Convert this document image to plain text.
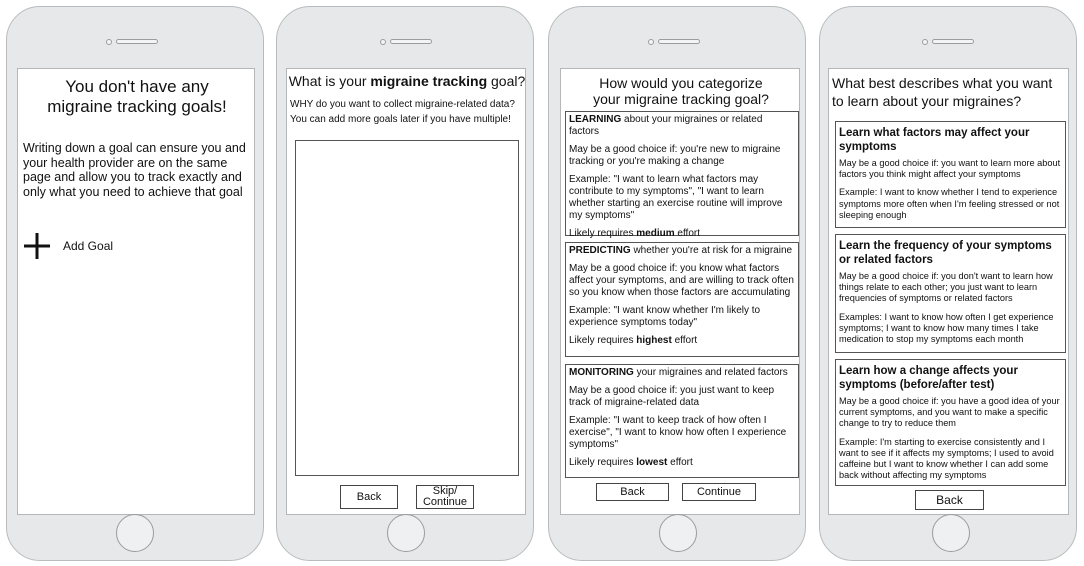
You don't have any
migraine tracking goals!
Writing down a goal can ensure you and your health provider are on the same page and allow you to track exactly and only what you need to achieve that goal
Add Goal
What is your migraine tracking goal?
WHY do you want to collect migraine-related data?
You can add more goals later if you have multiple!
Back	Skip/
Continue
How would you categorize
your migraine tracking goal?

LEARNING about your migraines or related factors

May be a good choice if: you're new to migraine tracking or you're making a change

Example: "I want to learn what factors may contribute to my symptoms", "I want to learn whether starting an exercise routine will improve my symptoms"

Likely requires medium effort

PREDICTING whether you're at risk for a migraine

May be a good choice if: you know what factors affect your symptoms, and are willing to track often so you know when those factors are accumulating

Example: "I want know whether I'm likely to experience symptoms today"

Likely requires highest effort

MONITORING your migraines and related factors

May be a good choice if: you just want to keep track of migraine-related data

Example: "I want to keep track of how often I exercise", "I want to know how often I experience symptoms"

Likely requires lowest effort

Back	Continue
What best describes what you want
to learn about your migraines?
Learn what factors may affect your symptoms

May be a good choice if: you want to learn more about factors you think might affect your symptoms

Example: I want to know whether I tend to experience symptoms more often when I'm feeling stressed or not sleeping enough

Learn the frequency of your symptoms or related factors

May be a good choice if: you don't want to learn how things relate to each other; you just want to learn frequencies of symptoms or related factors

Examples: I want to know how often I get experience symptoms; I want to know how many times I take medication to stop my symptoms each month

Learn how a change affects your symptoms (before/after test)

May be a good choice if: you have a good idea of your current symptoms, and you want to make a specific change to try to reduce them

Example: I'm starting to exercise consistently and I want to see if it affects my symptoms; I used to avoid caffeine but I want to know whether I can add some back without affecting my symptoms

Back
